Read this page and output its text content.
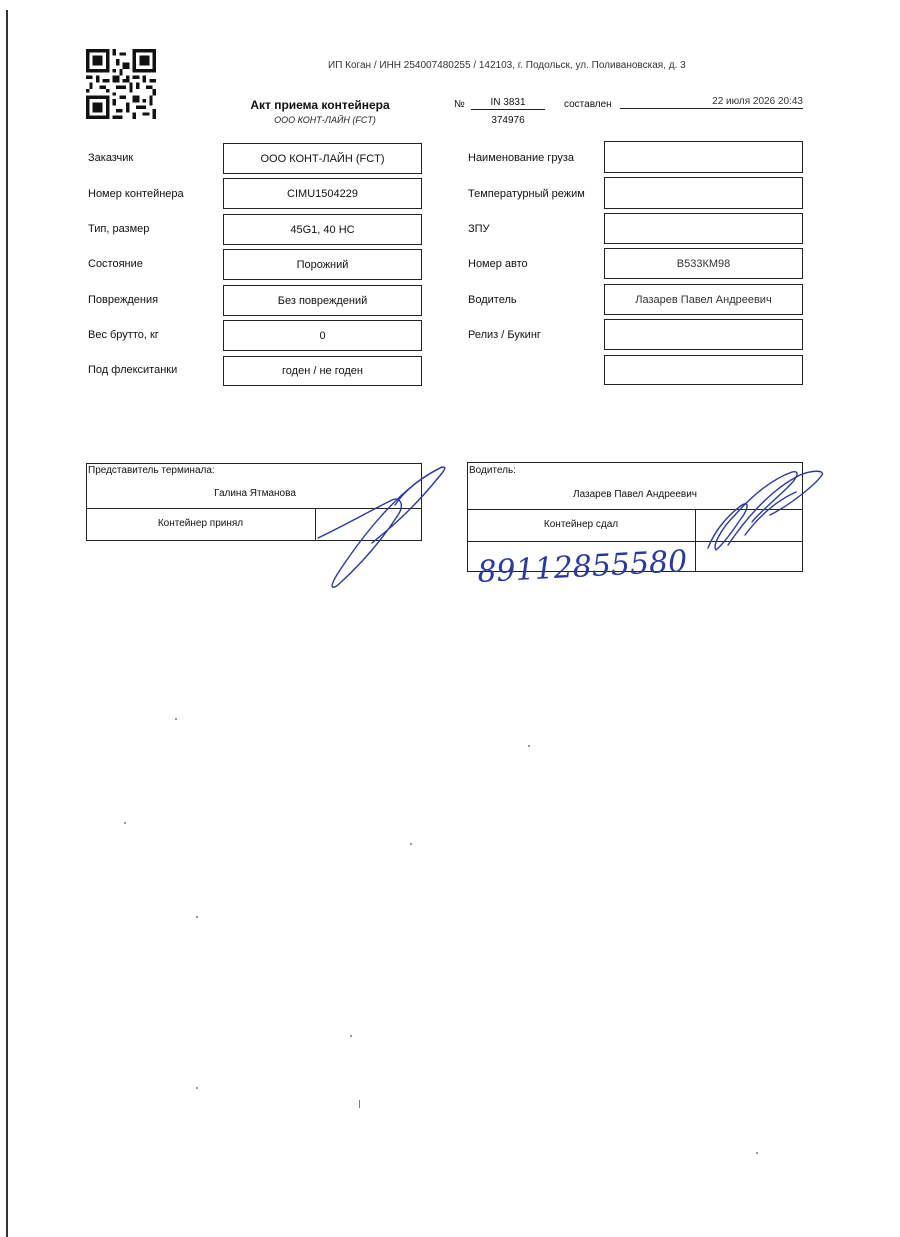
ИП Коган / ИНН 254007480255 / 142103, г. Подольск, ул. Поливановская, д. 3
Акт приема контейнера
ООО КОНТ-ЛАЙН (FCT)
№	IN 3831
374976
составлен	22 июля 2026 20:43
Заказчик
Номер контейнера
Тип, размер
Состояние
Повреждения
Вес брутто, кг
Под флекситанки
ООО КОНТ-ЛАЙН (FCT)
CIMU1504229
45G1, 40 HC
Порожний
Без повреждений
0
годен / не годен
Наименование груза
Температурный режим
ЗПУ
Номер авто
Водитель
Релиз / Букинг
В533КМ98
Лазарев Павел Андреевич
Представитель терминала:
Галина Ятманова
Контейнер принял
Водитель:
Лазарев Павел Андреевич
Контейнер сдал
89112855580
